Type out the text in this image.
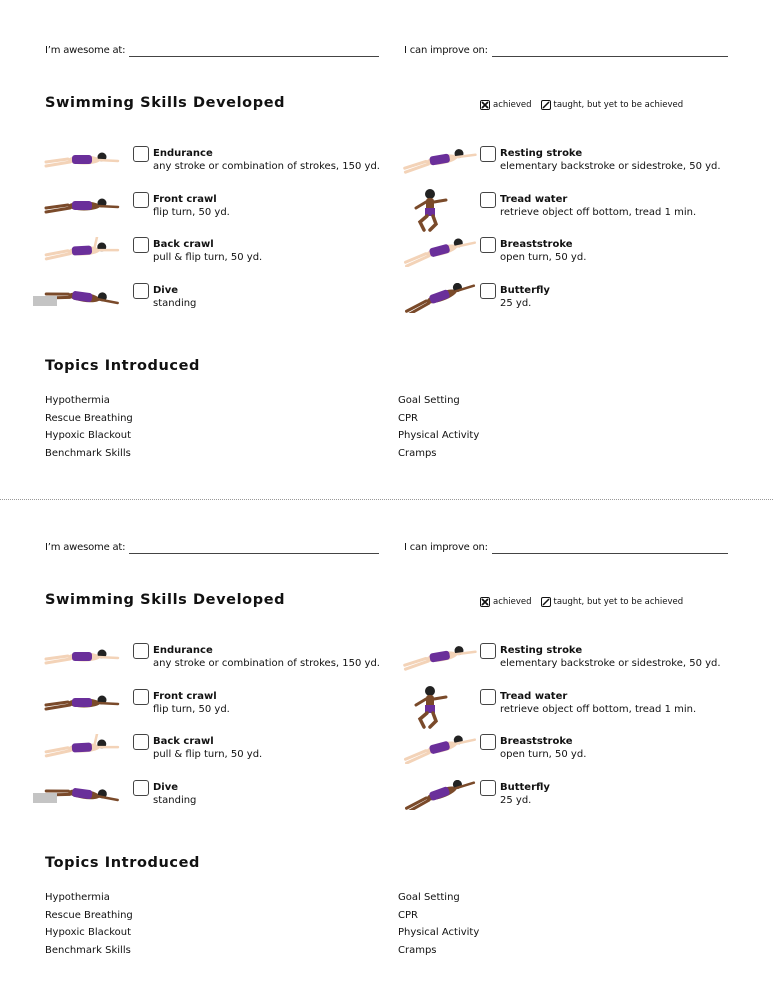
I’m awesome at:	I can improve on:
Swimming Skills Developed	achieved	taught, but yet to be achieved
Endurance
any stroke or combination of strokes, 150 yd.
Front crawl
flip turn, 50 yd.
Back crawl
pull & flip turn, 50 yd.
Dive
standing
Resting stroke
elementary backstroke or sidestroke, 50 yd.
Tread water
retrieve object off bottom, tread 1 min.
Breaststroke
open turn, 50 yd.
Butterfly
25 yd.
Topics Introduced
Hypothermia
Rescue Breathing
Hypoxic Blackout
Benchmark Skills
Goal Setting
CPR
Physical Activity
Cramps
I’m awesome at:	I can improve on:
Swimming Skills Developed	achieved	taught, but yet to be achieved
Endurance
any stroke or combination of strokes, 150 yd.
Front crawl
flip turn, 50 yd.
Back crawl
pull & flip turn, 50 yd.
Dive
standing
Resting stroke
elementary backstroke or sidestroke, 50 yd.
Tread water
retrieve object off bottom, tread 1 min.
Breaststroke
open turn, 50 yd.
Butterfly
25 yd.
Topics Introduced
Hypothermia
Rescue Breathing
Hypoxic Blackout
Benchmark Skills
Goal Setting
CPR
Physical Activity
Cramps
